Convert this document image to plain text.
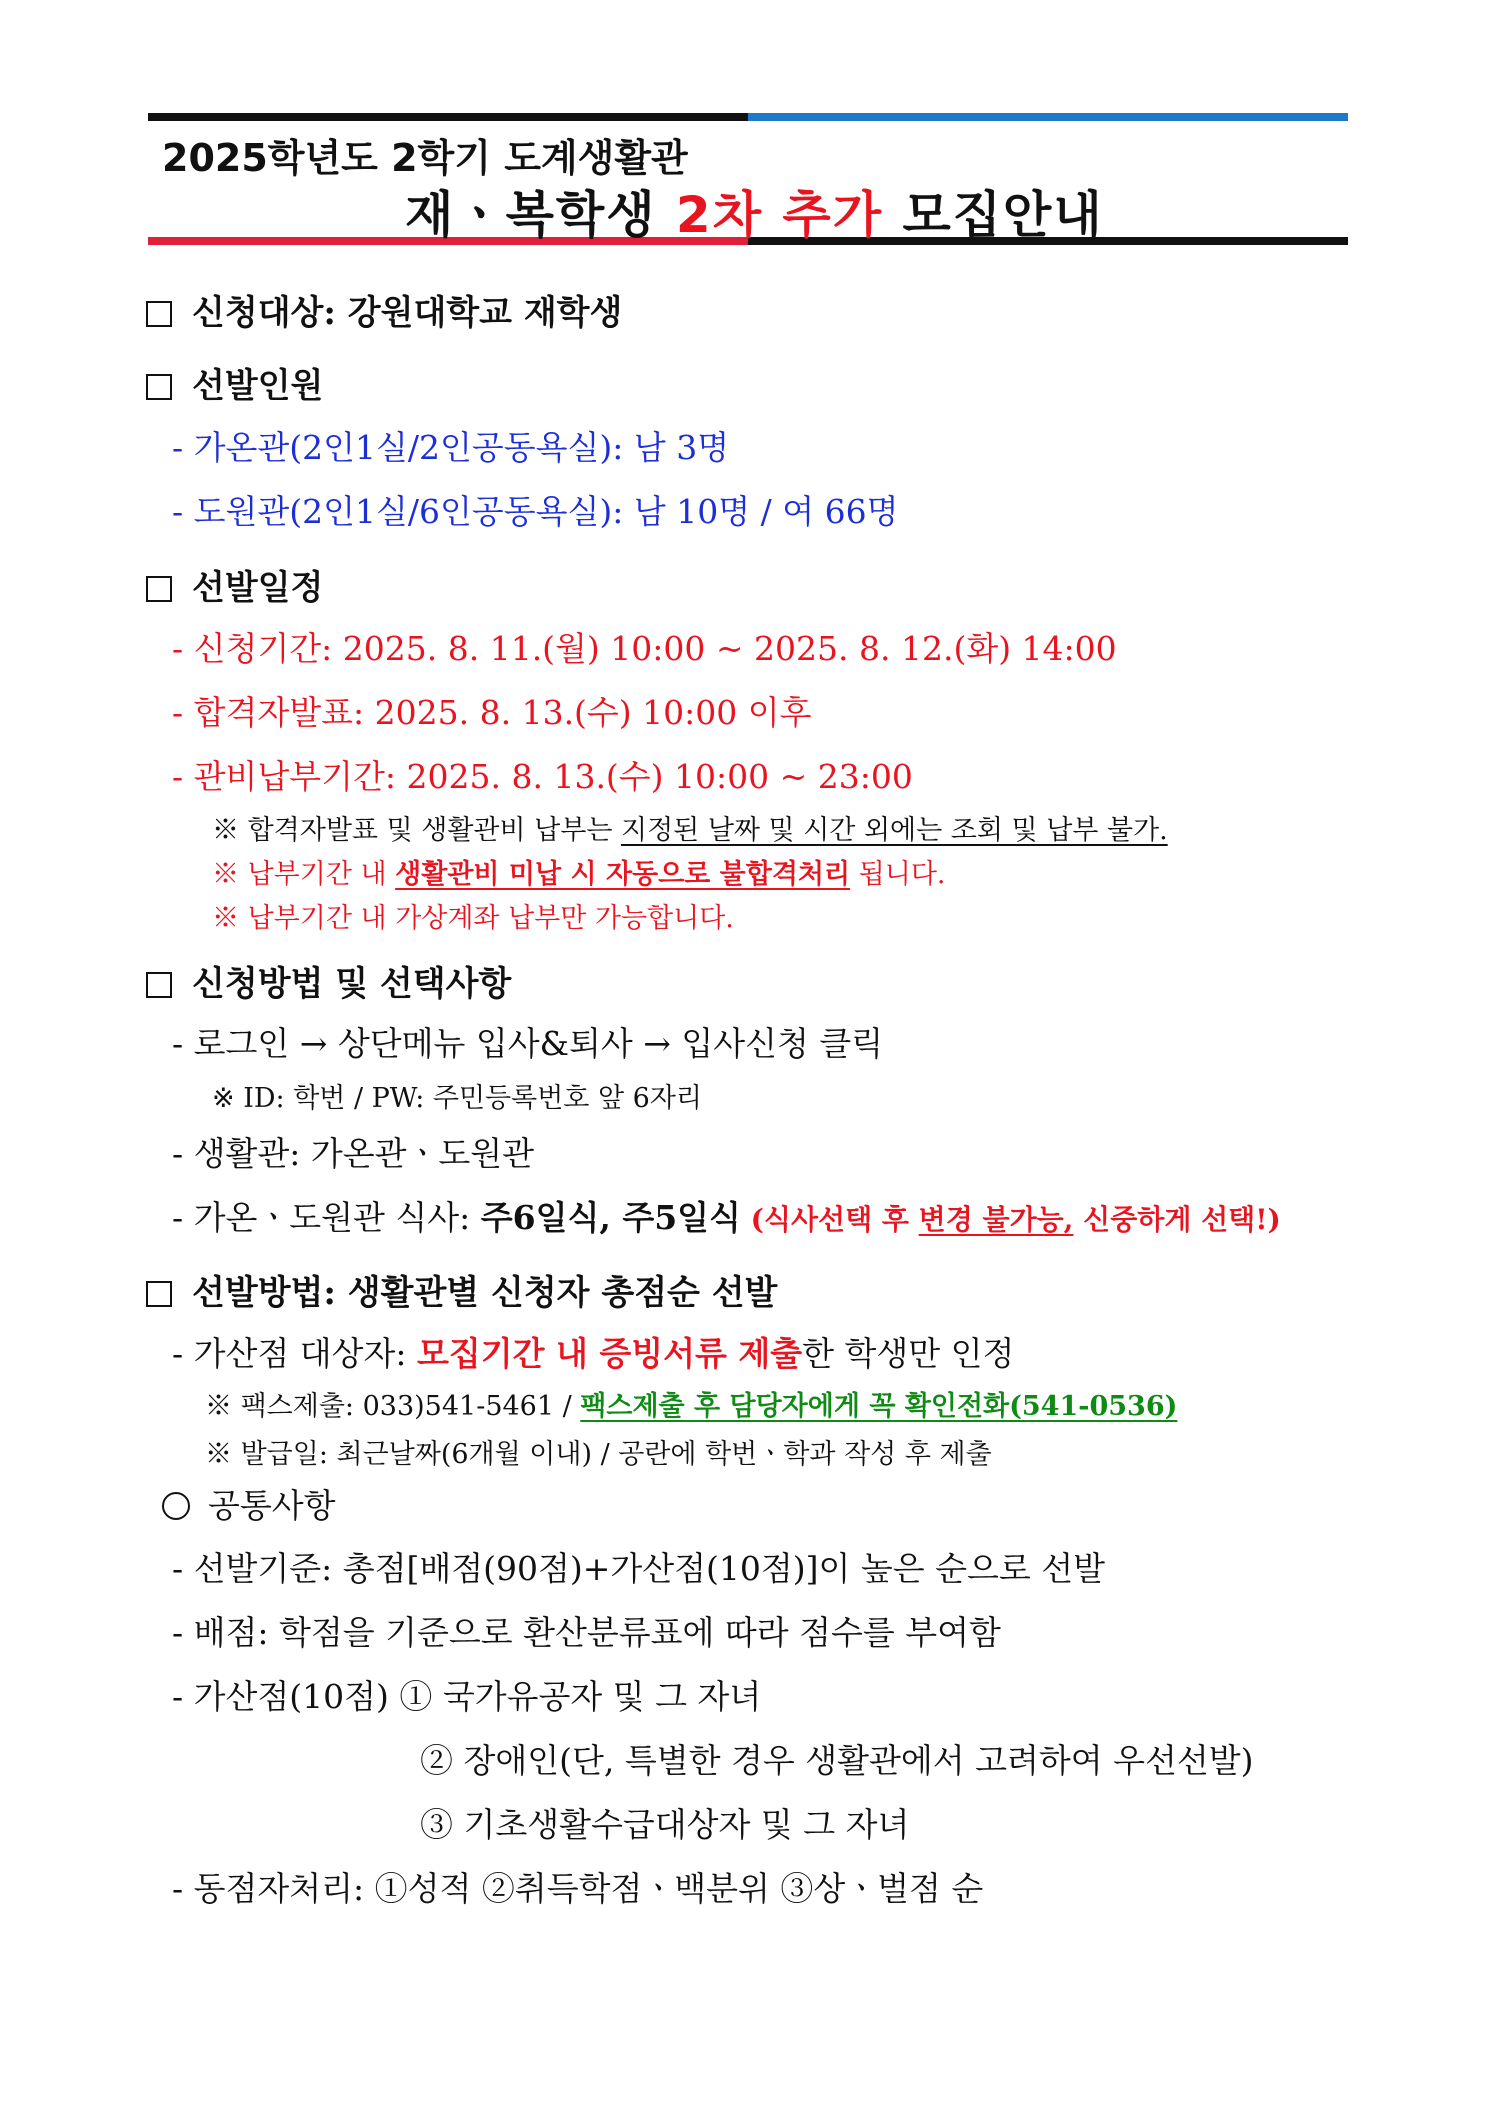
2025학년도 2학기 도계생활관
재ㆍ복학생 2차 추가 모집안내
신청대상: 강원대학교 재학생
선발인원
- 가온관(2인1실/2인공동욕실): 남 3명
- 도원관(2인1실/6인공동욕실): 남 10명 / 여 66명
선발일정
- 신청기간: 2025. 8. 11.(월) 10:00 ~ 2025. 8. 12.(화) 14:00
- 합격자발표: 2025. 8. 13.(수) 10:00 이후
- 관비납부기간: 2025. 8. 13.(수) 10:00 ~ 23:00
※ 합격자발표 및 생활관비 납부는 지정된 날짜 및 시간 외에는 조회 및 납부 불가.
※ 납부기간 내 생활관비 미납 시 자동으로 불합격처리 됩니다.
※ 납부기간 내 가상계좌 납부만 가능합니다.
신청방법 및 선택사항
- 로그인 → 상단메뉴 입사&퇴사 → 입사신청 클릭
※ ID: 학번 / PW: 주민등록번호 앞 6자리
- 생활관: 가온관ㆍ도원관
- 가온ㆍ도원관 식사: 주6일식, 주5일식 (식사선택 후 변경 불가능, 신중하게 선택!)
선발방법: 생활관별 신청자 총점순 선발
- 가산점 대상자: 모집기간 내 증빙서류 제출한 학생만 인정
※ 팩스제출: 033)541-5461 / 팩스제출 후 담당자에게 꼭 확인전화(541-0536)
※ 발급일: 최근날짜(6개월 이내) / 공란에 학번ㆍ학과 작성 후 제출
공통사항
- 선발기준: 총점[배점(90점)+가산점(10점)]이 높은 순으로 선발
- 배점: 학점을 기준으로 환산분류표에 따라 점수를 부여함
- 가산점(10점) ① 국가유공자 및 그 자녀
② 장애인(단, 특별한 경우 생활관에서 고려하여 우선선발)
③ 기초생활수급대상자 및 그 자녀
- 동점자처리: ①성적 ②취득학점ㆍ백분위 ③상ㆍ벌점 순
